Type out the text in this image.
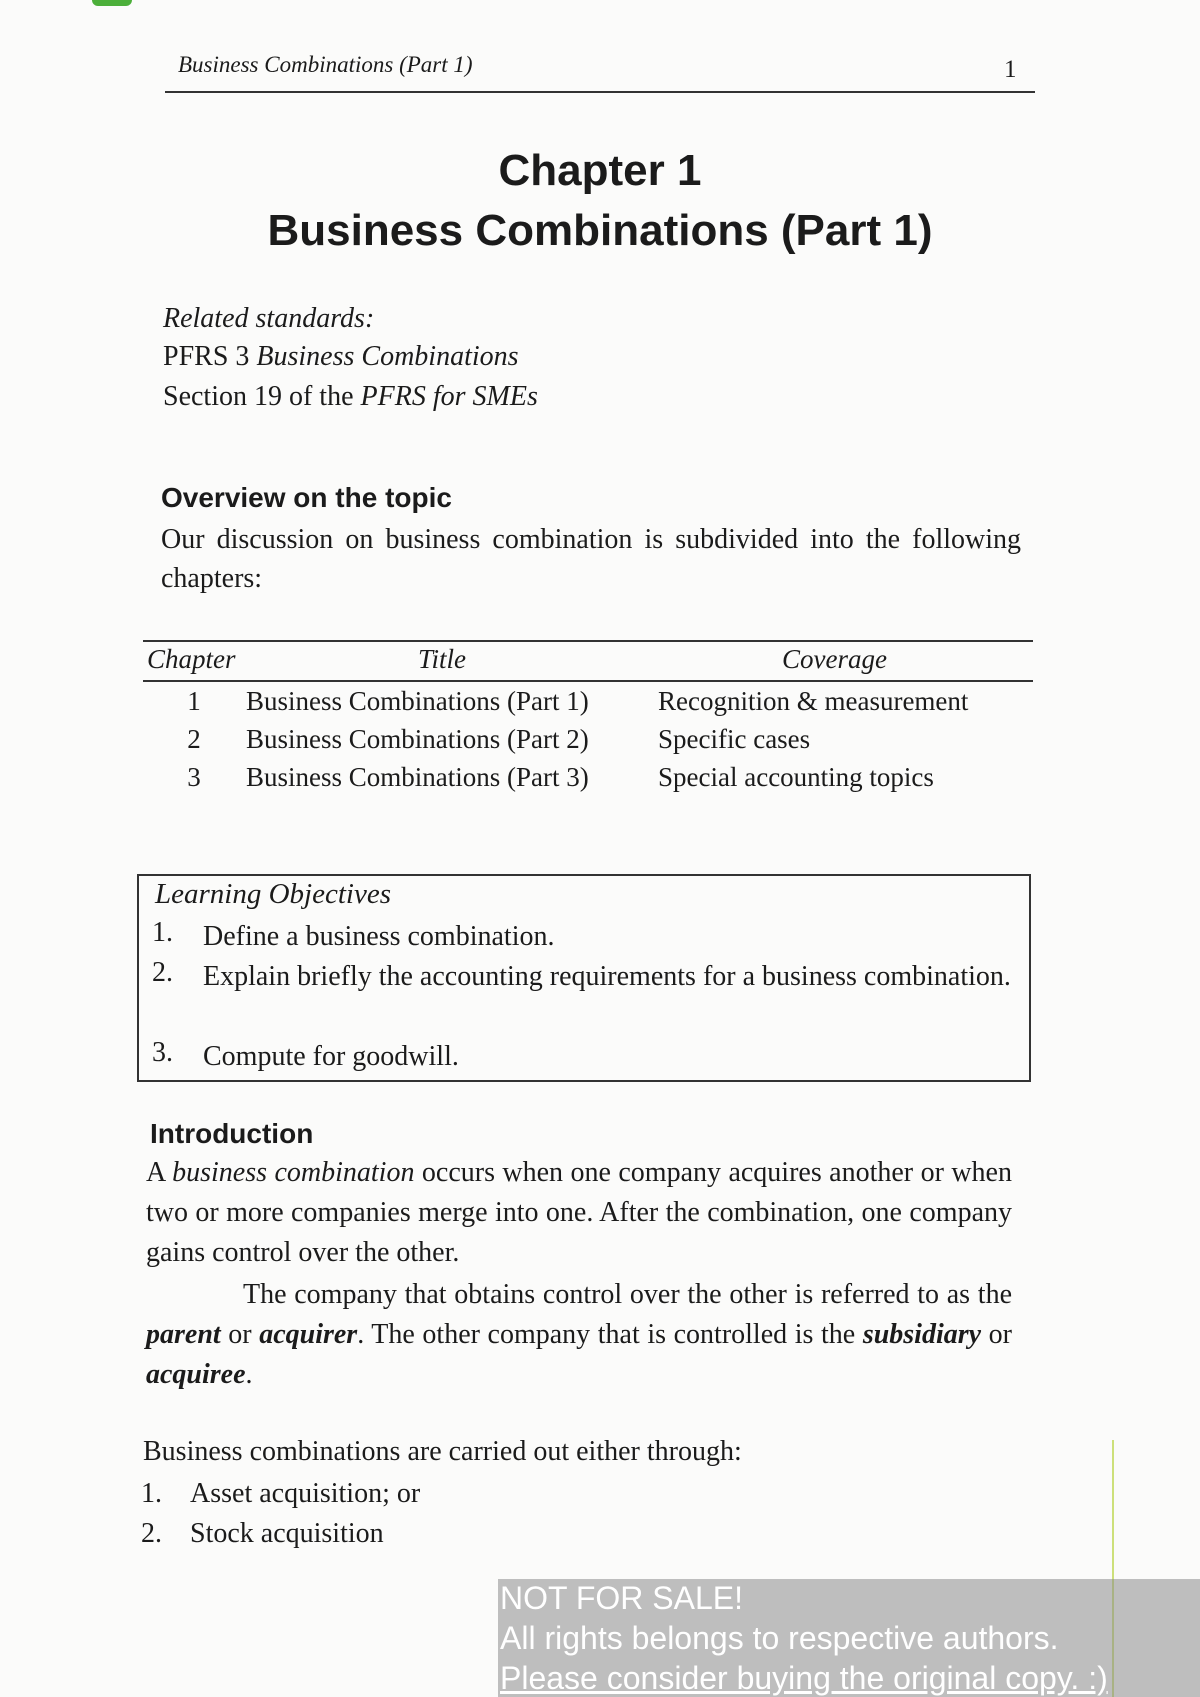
Business Combinations (Part 1)	1
Chapter 1
Business Combinations (Part 1)
Related standards:
PFRS 3 Business Combinations
Section 19 of the PFRS for SMEs
Overview on the topic
Our discussion on business combination is subdivided into the following chapters:
Chapter	Title	Coverage
1	Business Combinations (Part 1)	Recognition & measurement
2	Business Combinations (Part 2)	Specific cases
3	Business Combinations (Part 3)	Special accounting topics
Learning Objectives
1. Define a business combination.
2. Explain briefly the accounting requirements for a business combination.
3. Compute for goodwill.
Introduction
A business combination occurs when one company acquires another or when two or more companies merge into one. After the combination, one company gains control over the other.
The company that obtains control over the other is referred to as the parent or acquirer. The other company that is controlled is the subsidiary or acquiree.
Business combinations are carried out either through:
1. Asset acquisition; or
2. Stock acquisition
NOT FOR SALE!
All rights belongs to respective authors.
Please consider buying the original copy. :)
